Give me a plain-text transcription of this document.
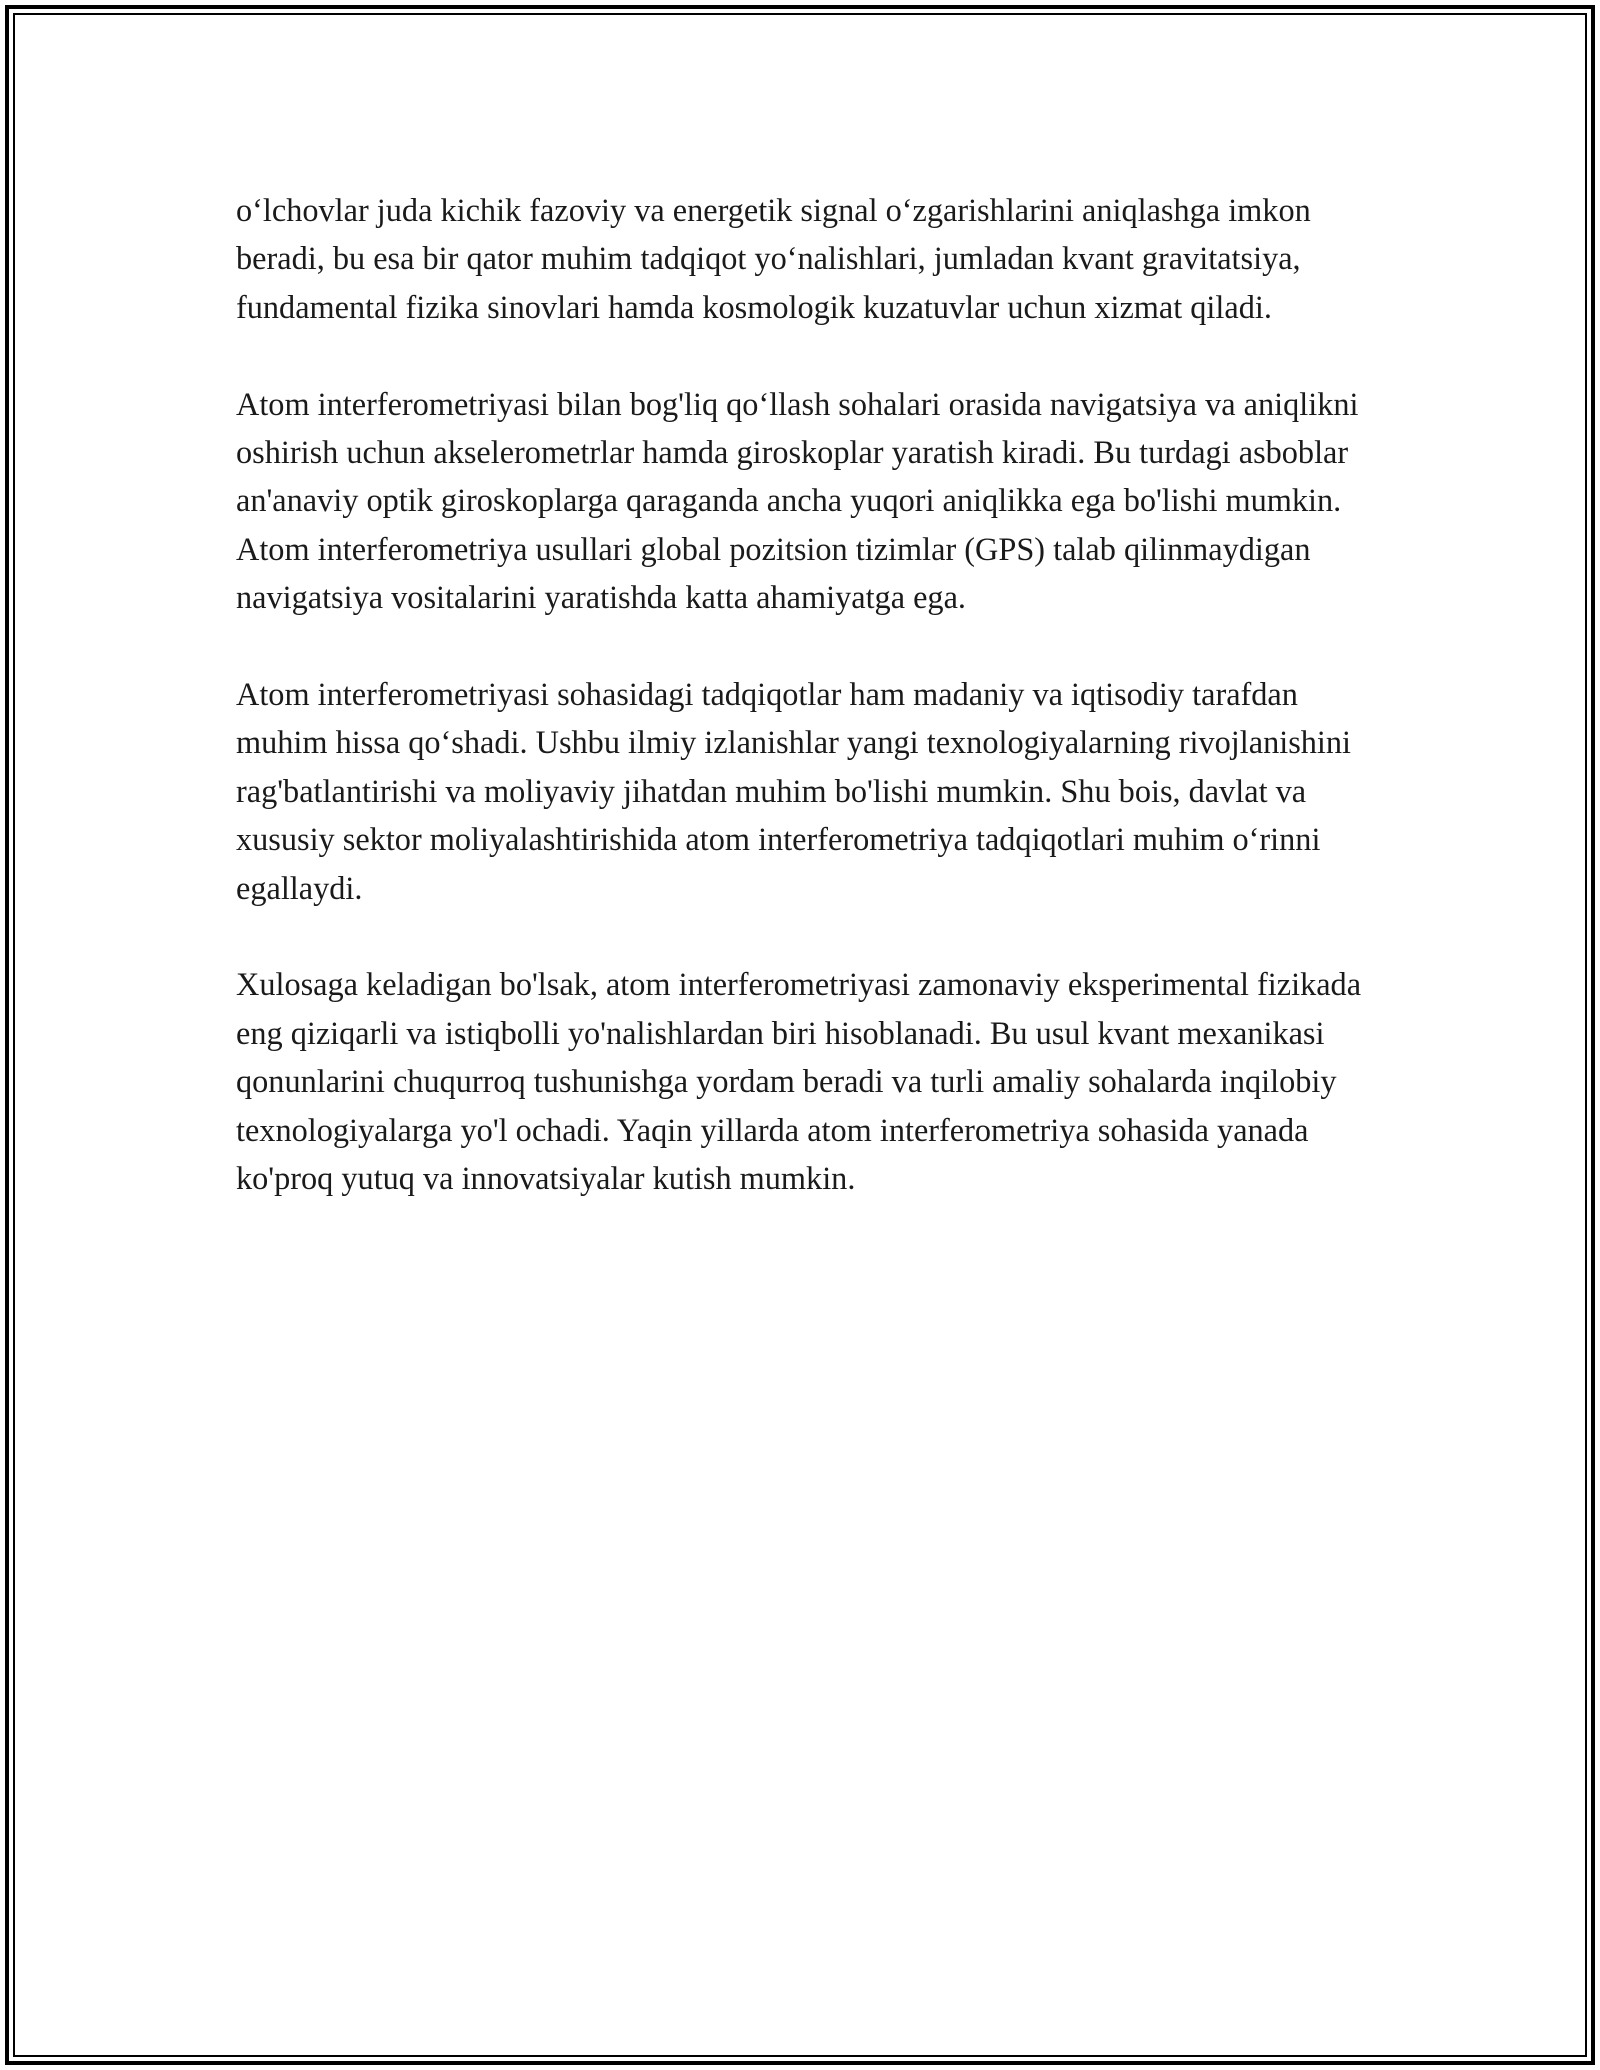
o‘lchovlar juda kichik fazoviy va energetik signal o‘zgarishlarini aniqlashga imkon beradi, bu esa bir qator muhim tadqiqot yo‘nalishlari, jumladan kvant gravitatsiya, fundamental fizika sinovlari hamda kosmologik kuzatuvlar uchun xizmat qiladi.

Atom interferometriyasi bilan bog'liq qo‘llash sohalari orasida navigatsiya va aniqlikni oshirish uchun akselerometrlar hamda giroskoplar yaratish kiradi. Bu turdagi asboblar an'anaviy optik giroskoplarga qaraganda ancha yuqori aniqlikka ega bo'lishi mumkin. Atom interferometriya usullari global pozitsion tizimlar (GPS) talab qilinmaydigan navigatsiya vositalarini yaratishda katta ahamiyatga ega.

Atom interferometriyasi sohasidagi tadqiqotlar ham madaniy va iqtisodiy tarafdan muhim hissa qo‘shadi. Ushbu ilmiy izlanishlar yangi texnologiyalarning rivojlanishini rag'batlantirishi va moliyaviy jihatdan muhim bo'lishi mumkin. Shu bois, davlat va xususiy sektor moliyalashtirishida atom interferometriya tadqiqotlari muhim o‘rinni egallaydi.

Xulosaga keladigan bo'lsak, atom interferometriyasi zamonaviy eksperimental fizikada eng qiziqarli va istiqbolli yo'nalishlardan biri hisoblanadi. Bu usul kvant mexanikasi qonunlarini chuqurroq tushunishga yordam beradi va turli amaliy sohalarda inqilobiy texnologiyalarga yo'l ochadi. Yaqin yillarda atom interferometriya sohasida yanada ko'proq yutuq va innovatsiyalar kutish mumkin.
